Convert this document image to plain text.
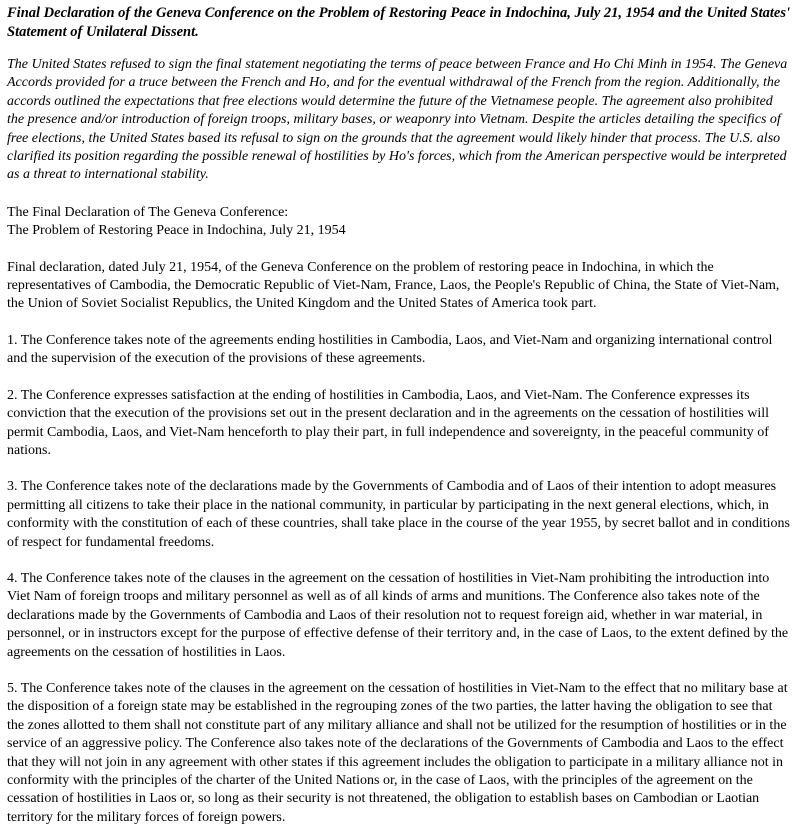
Final Declaration of the Geneva Conference on the Problem of Restoring Peace in Indochina, July 21, 1954 and the United States' Statement of Unilateral Dissent.
The United States refused to sign the final statement negotiating the terms of peace between France and Ho Chi Minh in 1954. The Geneva Accords provided for a truce between the French and Ho, and for the eventual withdrawal of the French from the region. Additionally, the accords outlined the expectations that free elections would determine the future of the Vietnamese people. The agreement also prohibited the presence and/or introduction of foreign troops, military bases, or weaponry into Vietnam. Despite the articles detailing the specifics of free elections, the United States based its refusal to sign on the grounds that the agreement would likely hinder that process. The U.S. also clarified its position regarding the possible renewal of hostilities by Ho's forces, which from the American perspective would be interpreted as a threat to international stability.
The Final Declaration of The Geneva Conference:
The Problem of Restoring Peace in Indochina, July 21, 1954
Final declaration, dated July 21, 1954, of the Geneva Conference on the problem of restoring peace in Indochina, in which the representatives of Cambodia, the Democratic Republic of Viet-Nam, France, Laos, the People's Republic of China, the State of Viet-Nam, the Union of Soviet Socialist Republics, the United Kingdom and the United States of America took part.
1. The Conference takes note of the agreements ending hostilities in Cambodia, Laos, and Viet-Nam and organizing international control and the supervision of the execution of the provisions of these agreements.
2. The Conference expresses satisfaction at the ending of hostilities in Cambodia, Laos, and Viet-Nam. The Conference expresses its conviction that the execution of the provisions set out in the present declaration and in the agreements on the cessation of hostilities will permit Cambodia, Laos, and Viet-Nam henceforth to play their part, in full independence and sovereignty, in the peaceful community of nations.
3. The Conference takes note of the declarations made by the Governments of Cambodia and of Laos of their intention to adopt measures permitting all citizens to take their place in the national community, in particular by participating in the next general elections, which, in conformity with the constitution of each of these countries, shall take place in the course of the year 1955, by secret ballot and in conditions of respect for fundamental freedoms.
4. The Conference takes note of the clauses in the agreement on the cessation of hostilities in Viet-Nam prohibiting the introduction into Viet Nam of foreign troops and military personnel as well as of all kinds of arms and munitions. The Conference also takes note of the declarations made by the Governments of Cambodia and Laos of their resolution not to request foreign aid, whether in war material, in personnel, or in instructors except for the purpose of effective defense of their territory and, in the case of Laos, to the extent defined by the agreements on the cessation of hostilities in Laos.
5. The Conference takes note of the clauses in the agreement on the cessation of hostilities in Viet-Nam to the effect that no military base at the disposition of a foreign state may be established in the regrouping zones of the two parties, the latter having the obligation to see that the zones allotted to them shall not constitute part of any military alliance and shall not be utilized for the resumption of hostilities or in the service of an aggressive policy. The Conference also takes note of the declarations of the Governments of Cambodia and Laos to the effect that they will not join in any agreement with other states if this agreement includes the obligation to participate in a military alliance not in conformity with the principles of the charter of the United Nations or, in the case of Laos, with the principles of the agreement on the cessation of hostilities in Laos or, so long as their security is not threatened, the obligation to establish bases on Cambodian or Laotian territory for the military forces of foreign powers.
